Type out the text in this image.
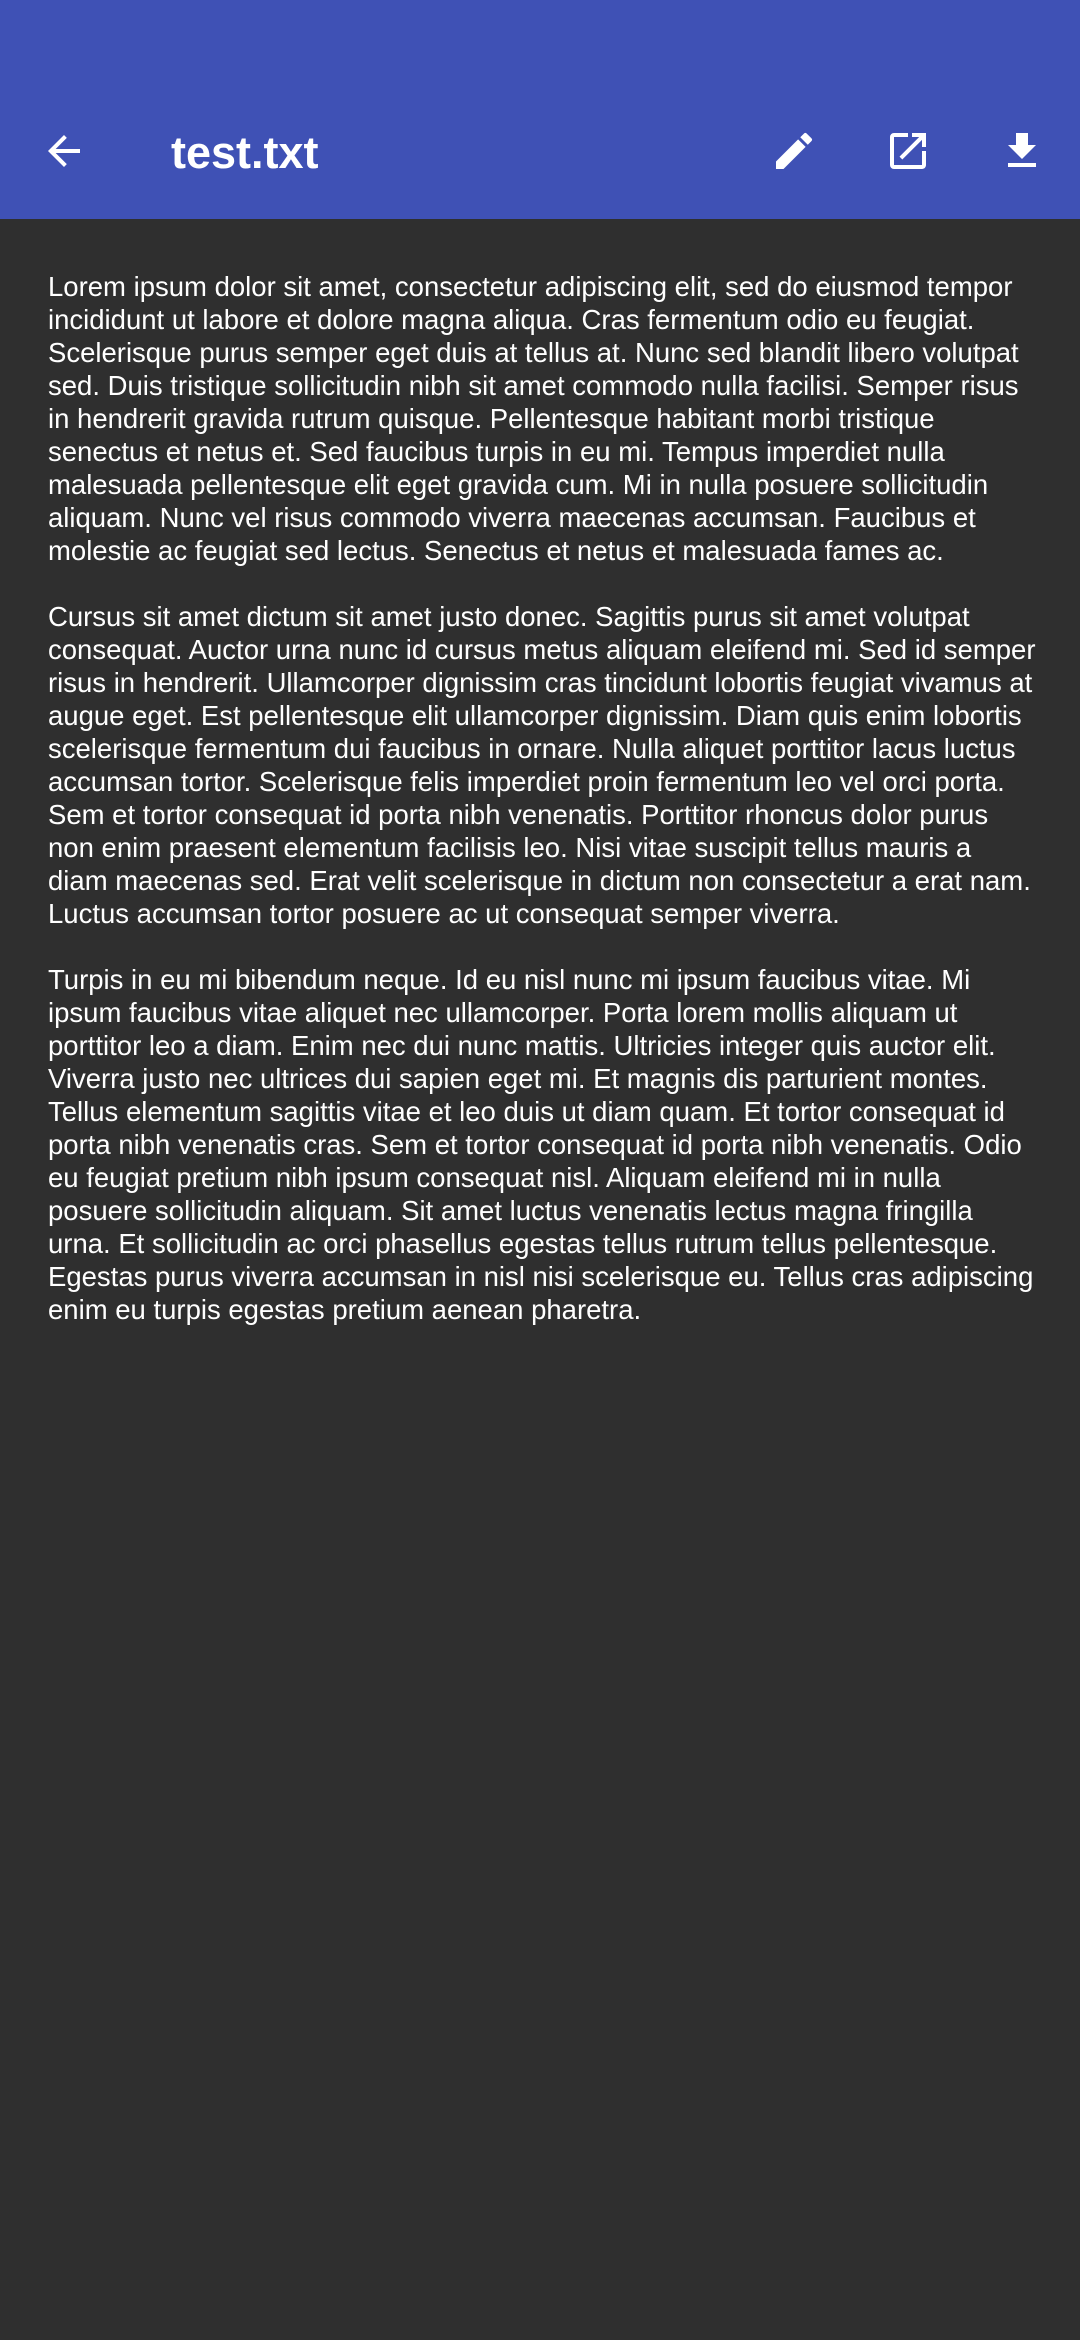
test.txt

Lorem ipsum dolor sit amet, consectetur adipiscing elit, sed do eiusmod tempor incididunt ut labore et dolore magna aliqua. Cras fermentum odio eu feugiat. Scelerisque purus semper eget duis at tellus at. Nunc sed blandit libero volutpat sed. Duis tristique sollicitudin nibh sit amet commodo nulla facilisi. Semper risus in hendrerit gravida rutrum quisque. Pellentesque habitant morbi tristique senectus et netus et. Sed faucibus turpis in eu mi. Tempus imperdiet nulla malesuada pellentesque elit eget gravida cum. Mi in nulla posuere sollicitudin aliquam. Nunc vel risus commodo viverra maecenas accumsan. Faucibus et molestie ac feugiat sed lectus. Senectus et netus et malesuada fames ac.

Cursus sit amet dictum sit amet justo donec. Sagittis purus sit amet volutpat consequat. Auctor urna nunc id cursus metus aliquam eleifend mi. Sed id semper risus in hendrerit. Ullamcorper dignissim cras tincidunt lobortis feugiat vivamus at augue eget. Est pellentesque elit ullamcorper dignissim. Diam quis enim lobortis scelerisque fermentum dui faucibus in ornare. Nulla aliquet porttitor lacus luctus accumsan tortor. Scelerisque felis imperdiet proin fermentum leo vel orci porta. Sem et tortor consequat id porta nibh venenatis. Porttitor rhoncus dolor purus non enim praesent elementum facilisis leo. Nisi vitae suscipit tellus mauris a diam maecenas sed. Erat velit scelerisque in dictum non consectetur a erat nam. Luctus accumsan tortor posuere ac ut consequat semper viverra.

Turpis in eu mi bibendum neque. Id eu nisl nunc mi ipsum faucibus vitae. Mi ipsum faucibus vitae aliquet nec ullamcorper. Porta lorem mollis aliquam ut porttitor leo a diam. Enim nec dui nunc mattis. Ultricies integer quis auctor elit. Viverra justo nec ultrices dui sapien eget mi. Et magnis dis parturient montes. Tellus elementum sagittis vitae et leo duis ut diam quam. Et tortor consequat id porta nibh venenatis cras. Sem et tortor consequat id porta nibh venenatis. Odio eu feugiat pretium nibh ipsum consequat nisl. Aliquam eleifend mi in nulla posuere sollicitudin aliquam. Sit amet luctus venenatis lectus magna fringilla urna. Et sollicitudin ac orci phasellus egestas tellus rutrum tellus pellentesque. Egestas purus viverra accumsan in nisl nisi scelerisque eu. Tellus cras adipiscing enim eu turpis egestas pretium aenean pharetra.
